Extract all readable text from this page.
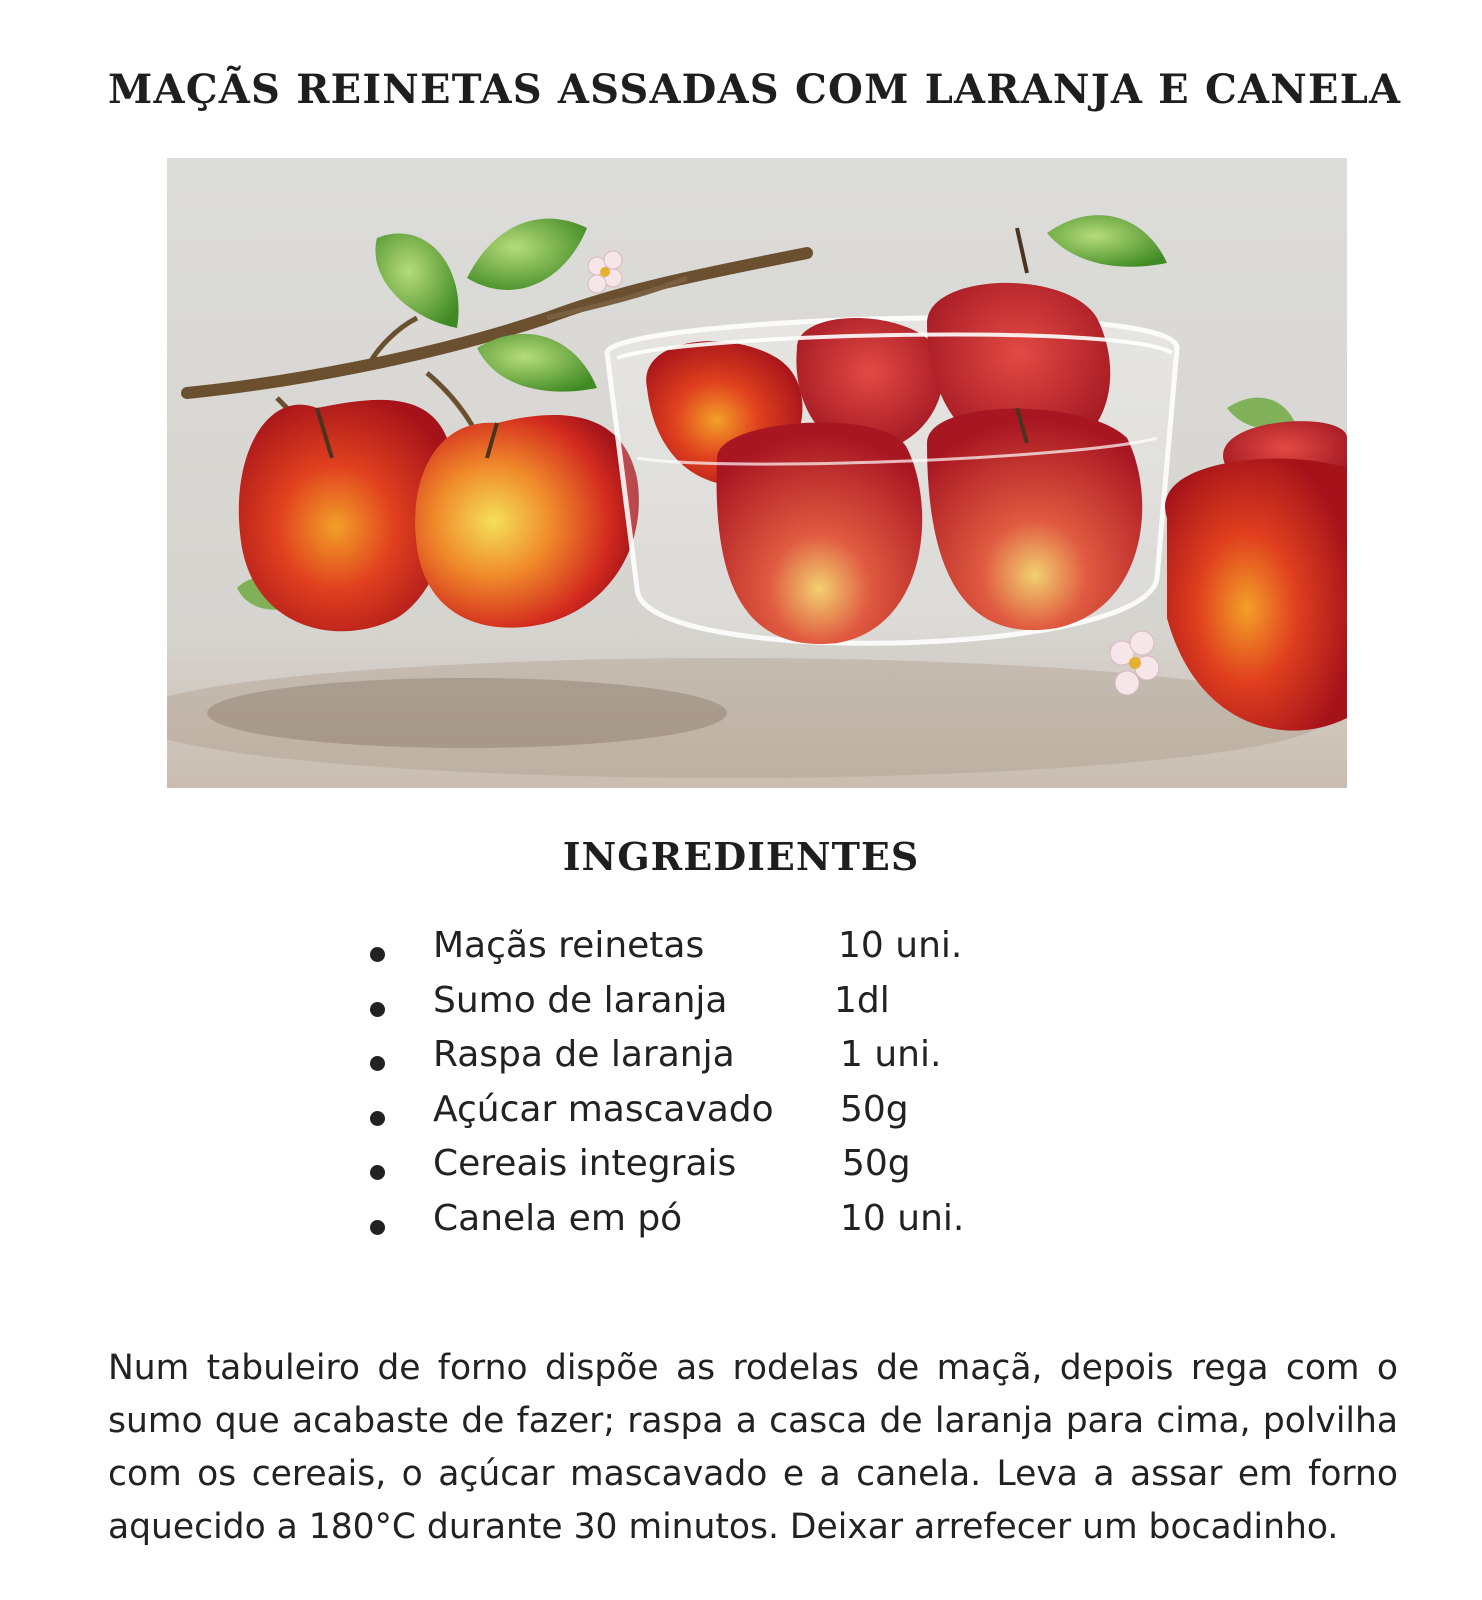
MAÇÃS REINETAS ASSADAS COM LARANJA E CANELA
INGREDIENTES
Maçãs reinetas	10 uni.
Sumo de laranja	1dl
Raspa de laranja	1 uni.
Açúcar mascavado 50g
Cereais integrais	50g
Canela em pó	10 uni.
Num tabuleiro de forno dispõe as rodelas de maçã, depois rega com o sumo que acabaste de fazer; raspa a casca de laranja para cima, polvilha com os cereais, o açúcar mascavado e a canela. Leva a assar em forno aquecido a 180°C durante 30 minutos. Deixar arrefecer um bocadinho.
